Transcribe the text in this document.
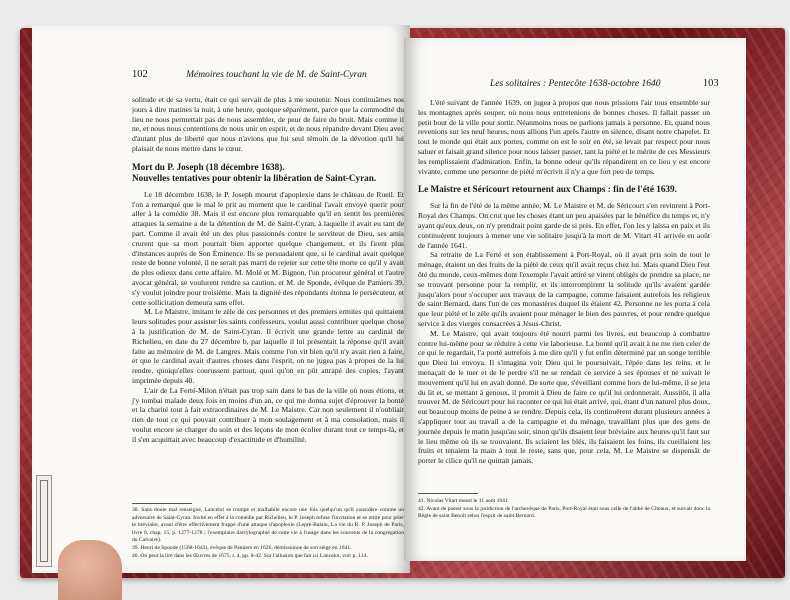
102	Mémoires touchant la vie de M. de Saint-Cyran

solitude et de sa vertu, était ce qui servait de plus à me soutenir. Nous continuâmes nos jours à dire matines la nuit, à une heure, quoique séparément, parce que la commodité du lieu ne nous permettait pas de nous assembler, de peur de faire du bruit. Mais comme il ne, et nous nous contentions de nous unir en esprit, et de nous répandre devant Dieu avec d'autant plus de liberté que nous n'avions que lui seul témoin de la dévotion qu'il lui plaisait de nous mettre dans le cœur.

Mort du P. Joseph (18 décembre 1638).
Nouvelles tentatives pour obtenir la libération de Saint-Cyran.

Le 18 décembre 1638, le P. Joseph mourut d'apoplexie dans le château de Rueil. Et l'on a remarqué que le mal le prit au moment que le cardinal l'avait envoyé querir pour aller à la comédie 38. Mais il est encore plus remarquable qu'il en sentit les premières attaques la semaine a de la détention de M. de Saint-Cyran, à laquelle il avait eu tant de part. Comme il avait été un des plus passionnés contre le serviteur de Dieu, ses amis crurent que sa mort pourrait bien apporter quelque changement, et ils firent plus d'instances auprès de Son Éminence. Ils se persuadaient que, si le cardinal avait quelque reste de bonne volonté, il ne serait pas marri de rejeter sur cette tête morte ce qu'il y avait de plus odieux dans cette affaire. M. Molé et M. Bignon, l'un procureur général et l'autre avocat général, se voulurent rendre sa caution, et M. de Sponde, évêque de Pamiers 39, s'y voulut joindre pour troisième. Mais la dignité des répondants étonna le persécuteur, et cette sollicitation demeura sans effet.

M. Le Maistre, imitant le zèle de ces personnes et des premiers ermites qui quittaient leurs solitudes pour assister les saints confesseurs, voulut aussi contribuer quelque chose à la justification de M. de Saint-Cyran. Il écrivit une grande lettre au cardinal de Richelieu, en date du 27 décembre b, par laquelle il lui présentait la réponse qu'il avait faite au mémoire de M. de Langres. Mais comme l'on vit bien qu'il n'y avait rien à faire, et que le cardinal avait d'autres choses dans l'esprit, on ne jugea pas à propos de la lui rendre, quoiqu'elles courussent partout, quoi qu'on en pût attrapé des copies, l'ayant imprimée depuis 40.

L'air de La Ferté-Milon n'était pas trop sain dans le bas de la ville où nous étions, et j'y tombai malade deux fois en moins d'un an, ce qui me donna sujet d'éprouver la bonté et la charité tout à fait extraordinaires de M. Le Maistre. Car non seulement il n'oubliait rien de tout ce qui pouvait contribuer à mon soulagement et à ma consolation, mais il voulut encore se charger du soin et des leçons de mon écolier durant tout ce temps-là, et il s'en acquittait avec beaucoup d'exactitude et d'humilité.

38. Sans doute mal renseigné, Lancelot se trompe et malhabile encore une fois quelqu'un qu'il considère comme un adversaire de Saint-Cyran. Invité en effet à la comédie par Richelieu, le P. Joseph refuse l'invitation et se retire pour prier le bréviaire, avant d'être effectivement frappé d'une attaque d'apoplexie (Lepré-Balain, La vie du R. P. Joseph de Paris, livre 8, chap. 15, p. 1277-1278 ; l'exemplaire dactylographié de cette vie à l'usage dans les couvents de la congrégation du Calvaire).

39. Henri de Sponde (1568-1643), évêque de Pamiers en 1626, démissionne de son siège en 1641.

40. On peut la lire dans les Œuvres de 1675, t. 4, pp. 8-42. Sur l'allusion que fait ici Lancelot, voir p. 114.

Les solitaires : Pentecôte 1638-octobre 1640	103

L'été suivant de l'année 1639, on jugea à propos que nous prissions l'air tous ensemble sur les montagnes après souper, où nous nous entretenions de bonnes choses. Il fallait passer un petit bout de la ville pour sortir. Néanmoins nous ne parlions jamais à personne. Et, quand nous revenions sur les neuf heures, nous allions l'un après l'autre en silence, disant notre chapelet. Et tout le monde qui était aux portes, comme on est le soir en été, se levait par respect pour nous saluer et faisait grand silence pour nous laisser passer, tant la piété et le mérite de ces Messieurs les remplissaient d'admiration. Enfin, la bonne odeur qu'ils répandirent en ce lieu y est encore vivante, comme une personne de piété m'écrivit il n'y a que fort peu de temps.

Le Maistre et Séricourt retournent aux Champs : fin de l'été 1639.

Sur la fin de l'été de la même année, M. Le Maistre et M. de Séricourt s'en revinrent à Port-Royal des Champs. On crut que les choses étant un peu apaisées par le bénéfice du temps et, n'y ayant qu'eux deux, on n'y prendrait point garde de si près. En effet, l'on les y laissa en paix et ils continuèrent toujours à mener une vie solitaire jusqu'à la mort de M. Vitart 41 arrivée en août de l'année 1641.

Sa retraite de La Ferté et son établissement à Port-Royal, où il avait pris soin de tout le ménage, étaient un des fruits de la piété de ceux qu'il avait reçus chez lui. Mais quand Dieu l'eut ôté du monde, ceux-mêmes dont l'exemple l'avait attiré se virent obligés de prendre sa place, ne se trouvant personne pour la remplir, et ils interrompirent la solitude qu'ils avaient gardée jusqu'alors pour s'occuper aux travaux de la campagne, comme faisaient autrefois les religieux de saint Bernard, dans l'un de ces monastères duquel ils étaient 42. Personne ne les porta à cela que leur piété et le zèle qu'ils avaient pour ménager le bien des pauvres, et pour rendre quelque service à des vierges consacrées à Jésus-Christ.

M. Le Maistre, qui avait toujours été nourri parmi les livres, eut beaucoup à combattre contre lui-même pour se réduire à cette vie laborieuse. La bonté qu'il avait à ne me rien celer de ce qui le regardait, l'a porté autrefois à me dire qu'il y fut enfin déterminé par un songe terrible que Dieu lui envoya. Il s'imagina voir Dieu qui le poursuivait, l'épée dans les reins, et le menaçait de le tuer et de le perdre s'il ne se rendait ce service à ses épouses et ne suivait le mouvement qu'il lui en avait donné. De sorte que, s'éveillant comme hors de lui-même, il se jeta du lit et, se mettant à genoux, il promit à Dieu de faire ce qu'il lui ordonnerait. Aussitôt, il alla trouver M. de Séricourt pour lui raconter ce qui lui était arrivé, qui, étant d'un naturel plus doux, eut beaucoup moins de peine à se rendre. Depuis cela, ils continuèrent durant plusieurs années à s'appliquer tout au travail a de la campagne et du ménage, travaillant plus que des gens de journée depuis le matin jusqu'au soir, sinon qu'ils disaient leur bréviaire aux heures qu'il faut sur le lieu même où ils se trouvaient. Ils sciaient les blés, ils faisaient les foins, ils cueillaient les fruits et tenaient la main à tout le reste, sans que, pour cela, M. Le Maistre se dispensât de porter le cilice qu'il ne quittait jamais.

41. Nicolas Vitart meurt le 11 août 1641.

42. Avant de passer sous la juridiction de l'archevêque de Paris, Port-Royal était sous celle de l'abbé de Cîteaux, et suivait donc la Règle de saint Benoît selon l'esprit de saint Bernard.
